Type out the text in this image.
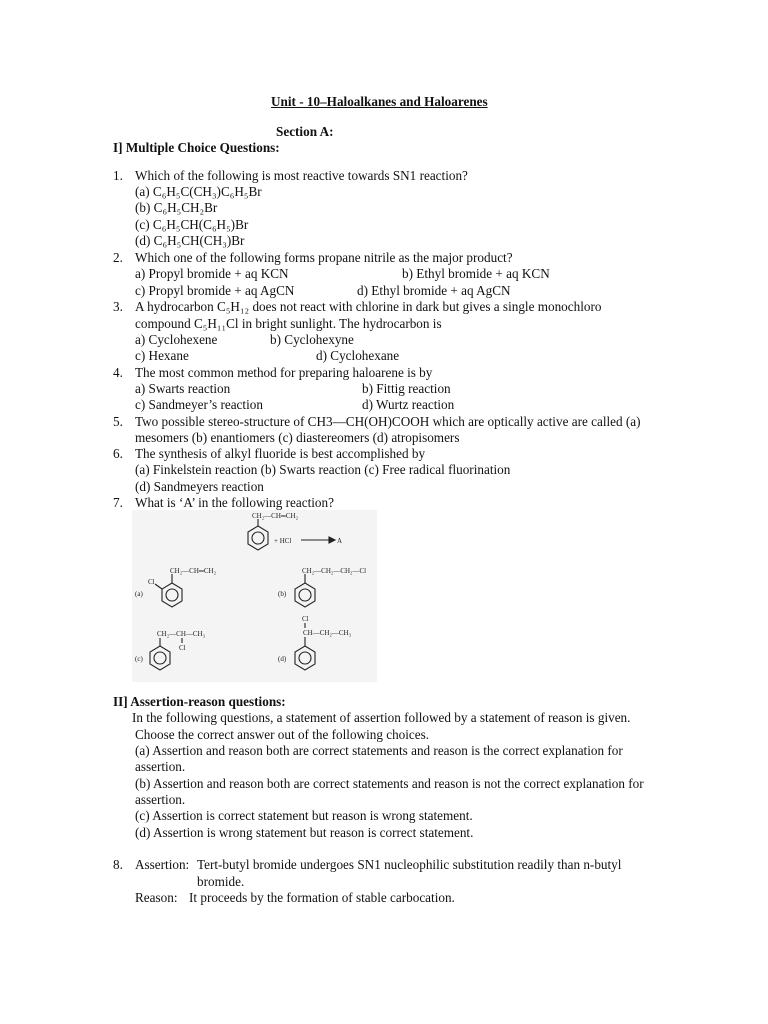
Unit - 10–Haloalkanes and Haloarenes
Section A:
I] Multiple Choice Questions:
1. Which of the following is most reactive towards SN1 reaction?
(a) C₆H₅C(CH₃)C₆H₅Br
(b) C₆H₅CH₂Br
(c) C₆H₅CH(C₆H₅)Br
(d) C₆H₅CH(CH₃)Br
2. Which one of the following forms propane nitrile as the major product?
a) Propyl bromide + aq KCN	b) Ethyl bromide + aq KCN
c) Propyl bromide + aq AgCN	d) Ethyl bromide + aq AgCN
3. A hydrocarbon C₅H₁₂ does not react with chlorine in dark but gives a single monochloro
compound C₅H₁₁Cl in bright sunlight. The hydrocarbon is
a) Cyclohexene	b) Cyclohexyne
c) Hexane	d) Cyclohexane
4. The most common method for preparing haloarene is by
a) Swarts reaction	b) Fittig reaction
c) Sandmeyer’s reaction	d) Wurtz reaction
5. Two possible stereo-structure of CH3—CH(OH)COOH which are optically active are called (a)
mesomers (b) enantiomers (c) diastereomers (d) atropisomers
6. The synthesis of alkyl fluoride is best accomplished by
(a) Finkelstein reaction (b) Swarts reaction (c) Free radical fluorination
(d) Sandmeyers reaction
7. What is ‘A’ in the following reaction?
CH₂—CH═CH₂
+ HCl	A
(a)
CH₂—CH═CH₂
Cl
(b)
CH₂—CH₂—CH₂—Cl
(c)
CH₂—CH—CH₃
Cl
(d)
CH—CH₂—CH₃
Cl
II] Assertion-reason questions:
In the following questions, a statement of assertion followed by a statement of reason is given.
Choose the correct answer out of the following choices.
(a) Assertion and reason both are correct statements and reason is the correct explanation for
assertion.
(b) Assertion and reason both are correct statements and reason is not the correct explanation for
assertion.
(c) Assertion is correct statement but reason is wrong statement.
(d) Assertion is wrong statement but reason is correct statement.
8. Assertion: Tert-butyl bromide undergoes SN1 nucleophilic substitution readily than n-butyl
bromide.
Reason: It proceeds by the formation of stable carbocation.
